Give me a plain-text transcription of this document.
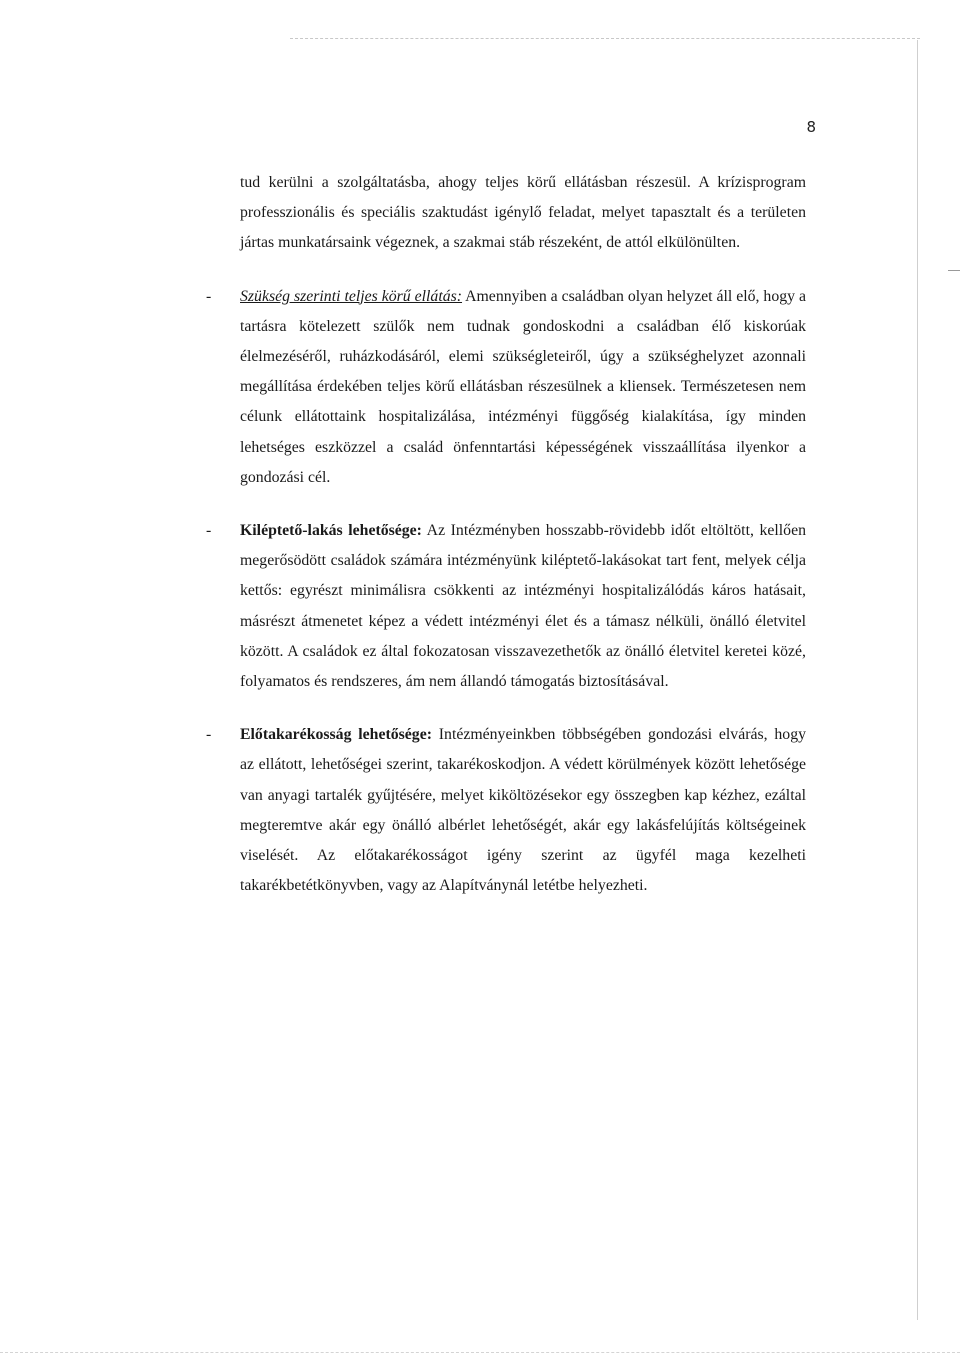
8

tud kerülni a szolgáltatásba, ahogy teljes körű ellátásban részesül. A krízisprogram professzionális és speciális szaktudást igénylő feladat, melyet tapasztalt és a területen jártas munkatársaink végeznek, a szakmai stáb részeként, de attól elkülönülten.

- Szükség szerinti teljes körű ellátás: Amennyiben a családban olyan helyzet áll elő, hogy a tartásra kötelezett szülők nem tudnak gondoskodni a családban élő kiskorúak élelmezéséről, ruházkodásáról, elemi szükségleteiről, úgy a szükséghelyzet azonnali megállítása érdekében teljes körű ellátásban részesülnek a kliensek. Természetesen nem célunk ellátottaink hospitalizálása, intézményi függőség kialakítása, így minden lehetséges eszközzel a család önfenntartási képességének visszaállítása ilyenkor a gondozási cél.

- Kiléptető-lakás lehetősége: Az Intézményben hosszabb-rövidebb időt eltöltött, kellően megerősödött családok számára intézményünk kiléptető-lakásokat tart fent, melyek célja kettős: egyrészt minimálisra csökkenti az intézményi hospitalizálódás káros hatásait, másrészt átmenetet képez a védett intézményi élet és a támasz nélküli, önálló életvitel között. A családok ez által fokozatosan visszavezethetők az önálló életvitel keretei közé, folyamatos és rendszeres, ám nem állandó támogatás biztosításával.

- Előtakarékosság lehetősége: Intézményeinkben többségében gondozási elvárás, hogy az ellátott, lehetőségei szerint, takarékoskodjon. A védett körülmények között lehetősége van anyagi tartalék gyűjtésére, melyet kiköltözésekor egy összegben kap kézhez, ezáltal megteremtve akár egy önálló albérlet lehetőségét, akár egy lakásfelújítás költségeinek viselését. Az előtakarékosságot igény szerint az ügyfél maga kezelheti takarékbetétkönyvben, vagy az Alapítványnál letétbe helyezheti.
